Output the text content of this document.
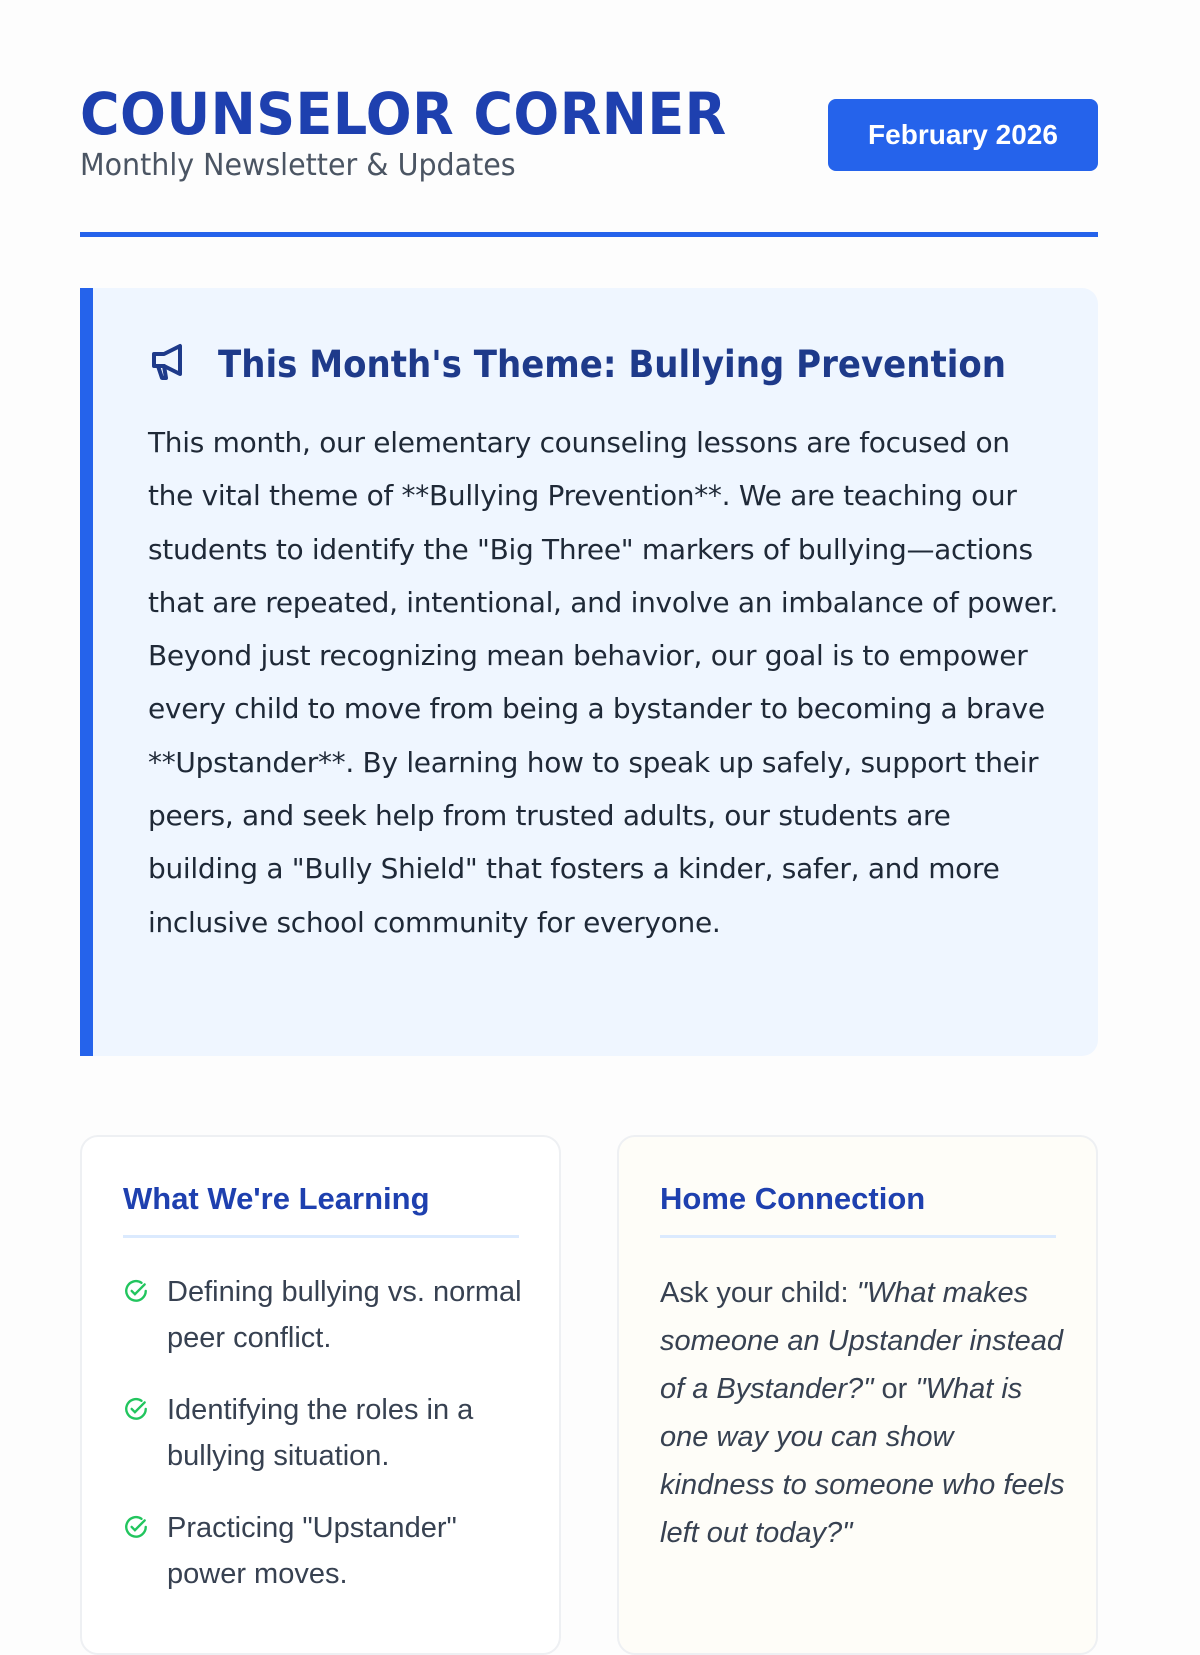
COUNSELOR CORNER
Monthly Newsletter & Updates
February 2026
This Month's Theme: Bullying Prevention

This month, our elementary counseling lessons are focused on the vital theme of **Bullying Prevention**. We are teaching our students to identify the "Big Three" markers of bullying—actions that are repeated, intentional, and involve an imbalance of power. Beyond just recognizing mean behavior, our goal is to empower every child to move from being a bystander to becoming a brave **Upstander**. By learning how to speak up safely, support their peers, and seek help from trusted adults, our students are building a "Bully Shield" that fosters a kinder, safer, and more inclusive school community for everyone.

What We're Learning
Defining bullying vs. normal peer conflict.
Identifying the roles in a bullying situation.
Practicing "Upstander" power moves.
Home Connection

Ask your child: "What makes someone an Upstander instead of a Bystander?" or "What is one way you can show kindness to someone who feels left out today?"
